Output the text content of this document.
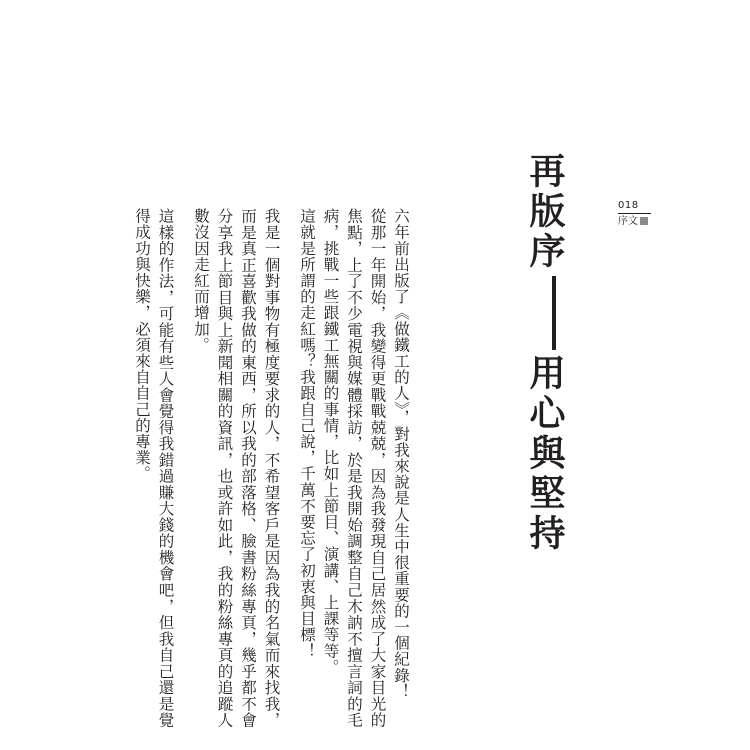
018
序文
再版序用心與堅持

六年前出版了《做鐵工的人》，對我來說是人生中很重要的一個紀錄！

從那一年開始，我變得更戰戰兢兢，因為我發現自己居然成了大家目光的焦點，上了不少電視與媒體採訪，於是我開始調整自己木訥不擅言詞的毛病，挑戰一些跟鐵工無關的事情，比如上節目、演講、上課等等。

這就是所謂的走紅嗎？我跟自己說，千萬不要忘了初衷與目標！

我是一個對事物有極度要求的人，不希望客戶是因為我的名氣而來找我，而是真正喜歡我做的東西，所以我的部落格、臉書粉絲專頁，幾乎都不會分享我上節目與上新聞相關的資訊，也或許如此，我的粉絲專頁的追蹤人數沒因走紅而增加。

這樣的作法，可能有些人會覺得我錯過賺大錢的機會吧，但我自己還是覺得成功與快樂，必須來自自己的專業。
